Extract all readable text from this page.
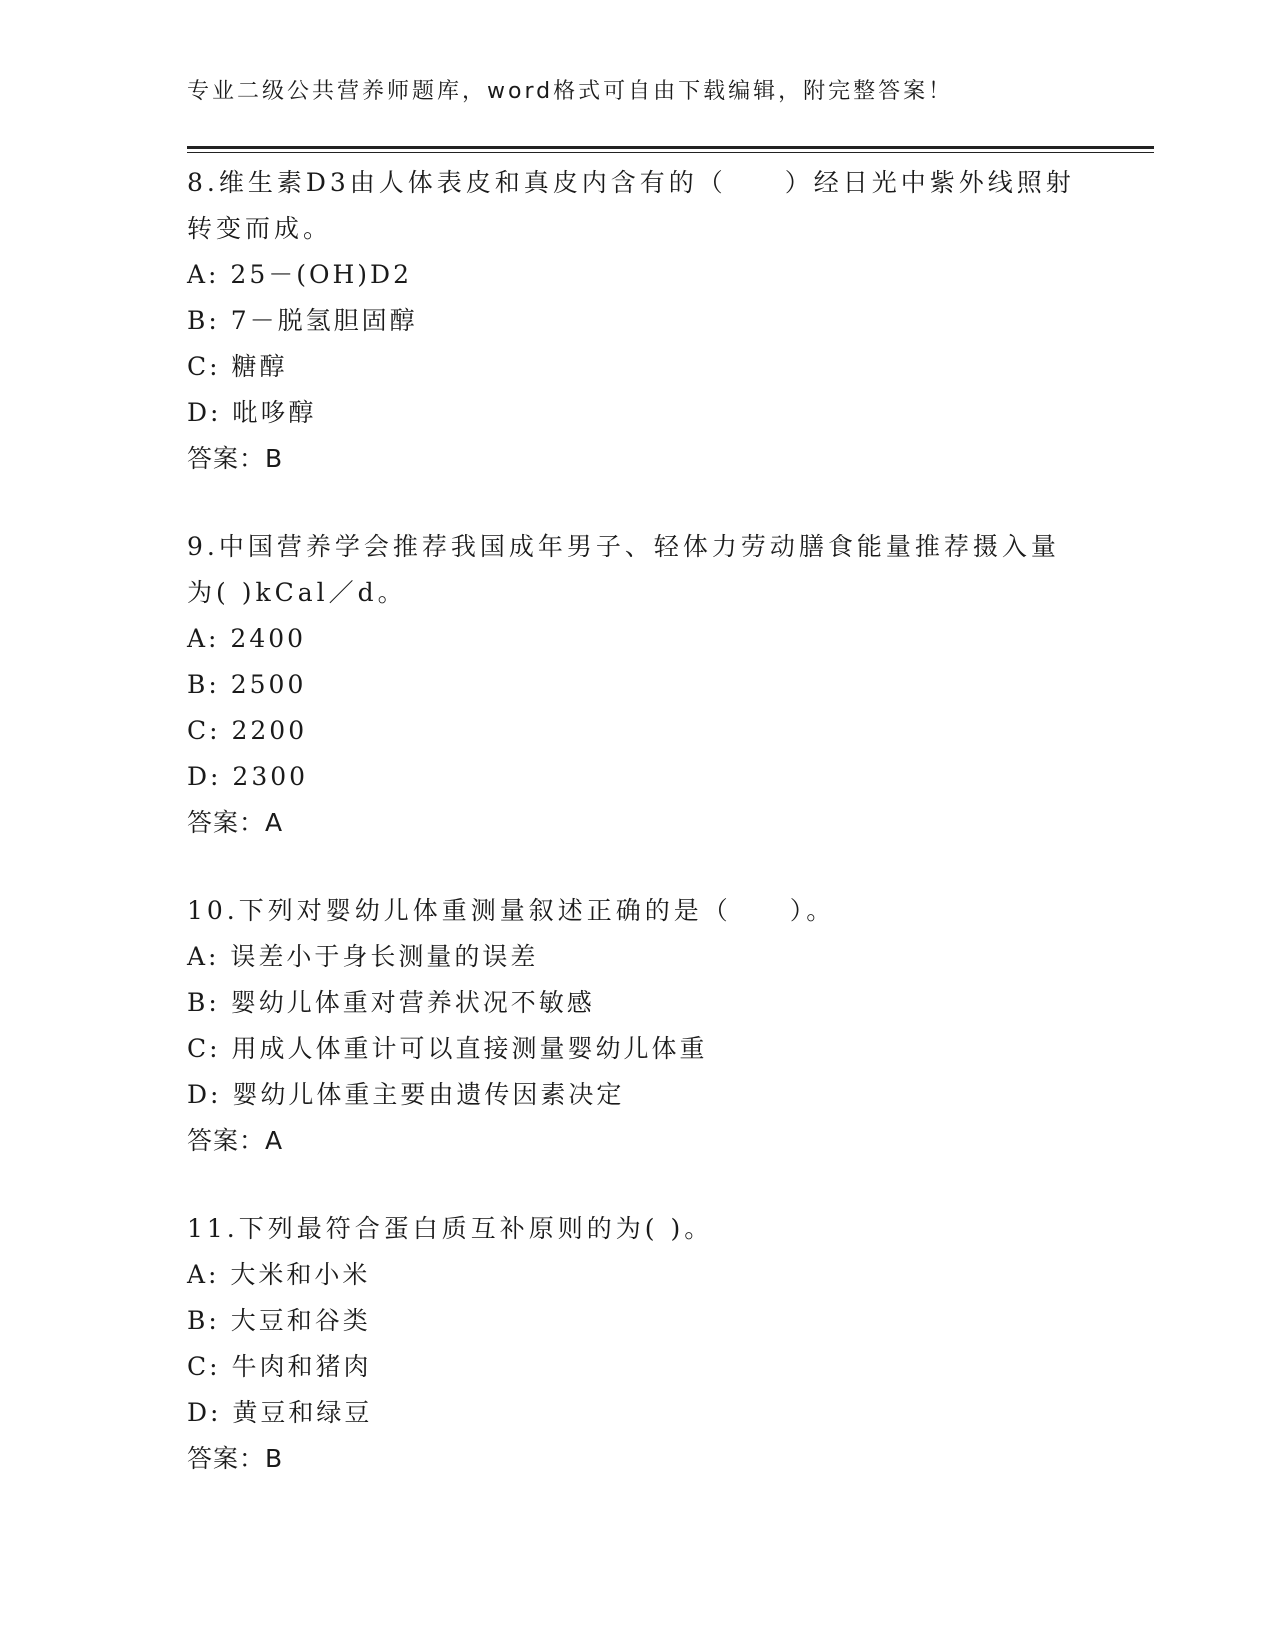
专业二级公共营养师题库，word格式可自由下载编辑，附完整答案！
8.维生素D3由人体表皮和真皮内含有的（　　）经日光中紫外线照射转变而成。
A: 25－(OH)D2
B: 7－脱氢胆固醇
C: 糖醇
D: 吡哆醇
答案：B
9.中国营养学会推荐我国成年男子、轻体力劳动膳食能量推荐摄入量为( )kCal／d。
A: 2400
B: 2500
C: 2200
D: 2300
答案：A
10.下列对婴幼儿体重测量叙述正确的是（　　）。
A: 误差小于身长测量的误差
B: 婴幼儿体重对营养状况不敏感
C: 用成人体重计可以直接测量婴幼儿体重
D: 婴幼儿体重主要由遗传因素决定
答案：A
11.下列最符合蛋白质互补原则的为( )。
A: 大米和小米
B: 大豆和谷类
C: 牛肉和猪肉
D: 黄豆和绿豆
答案：B
